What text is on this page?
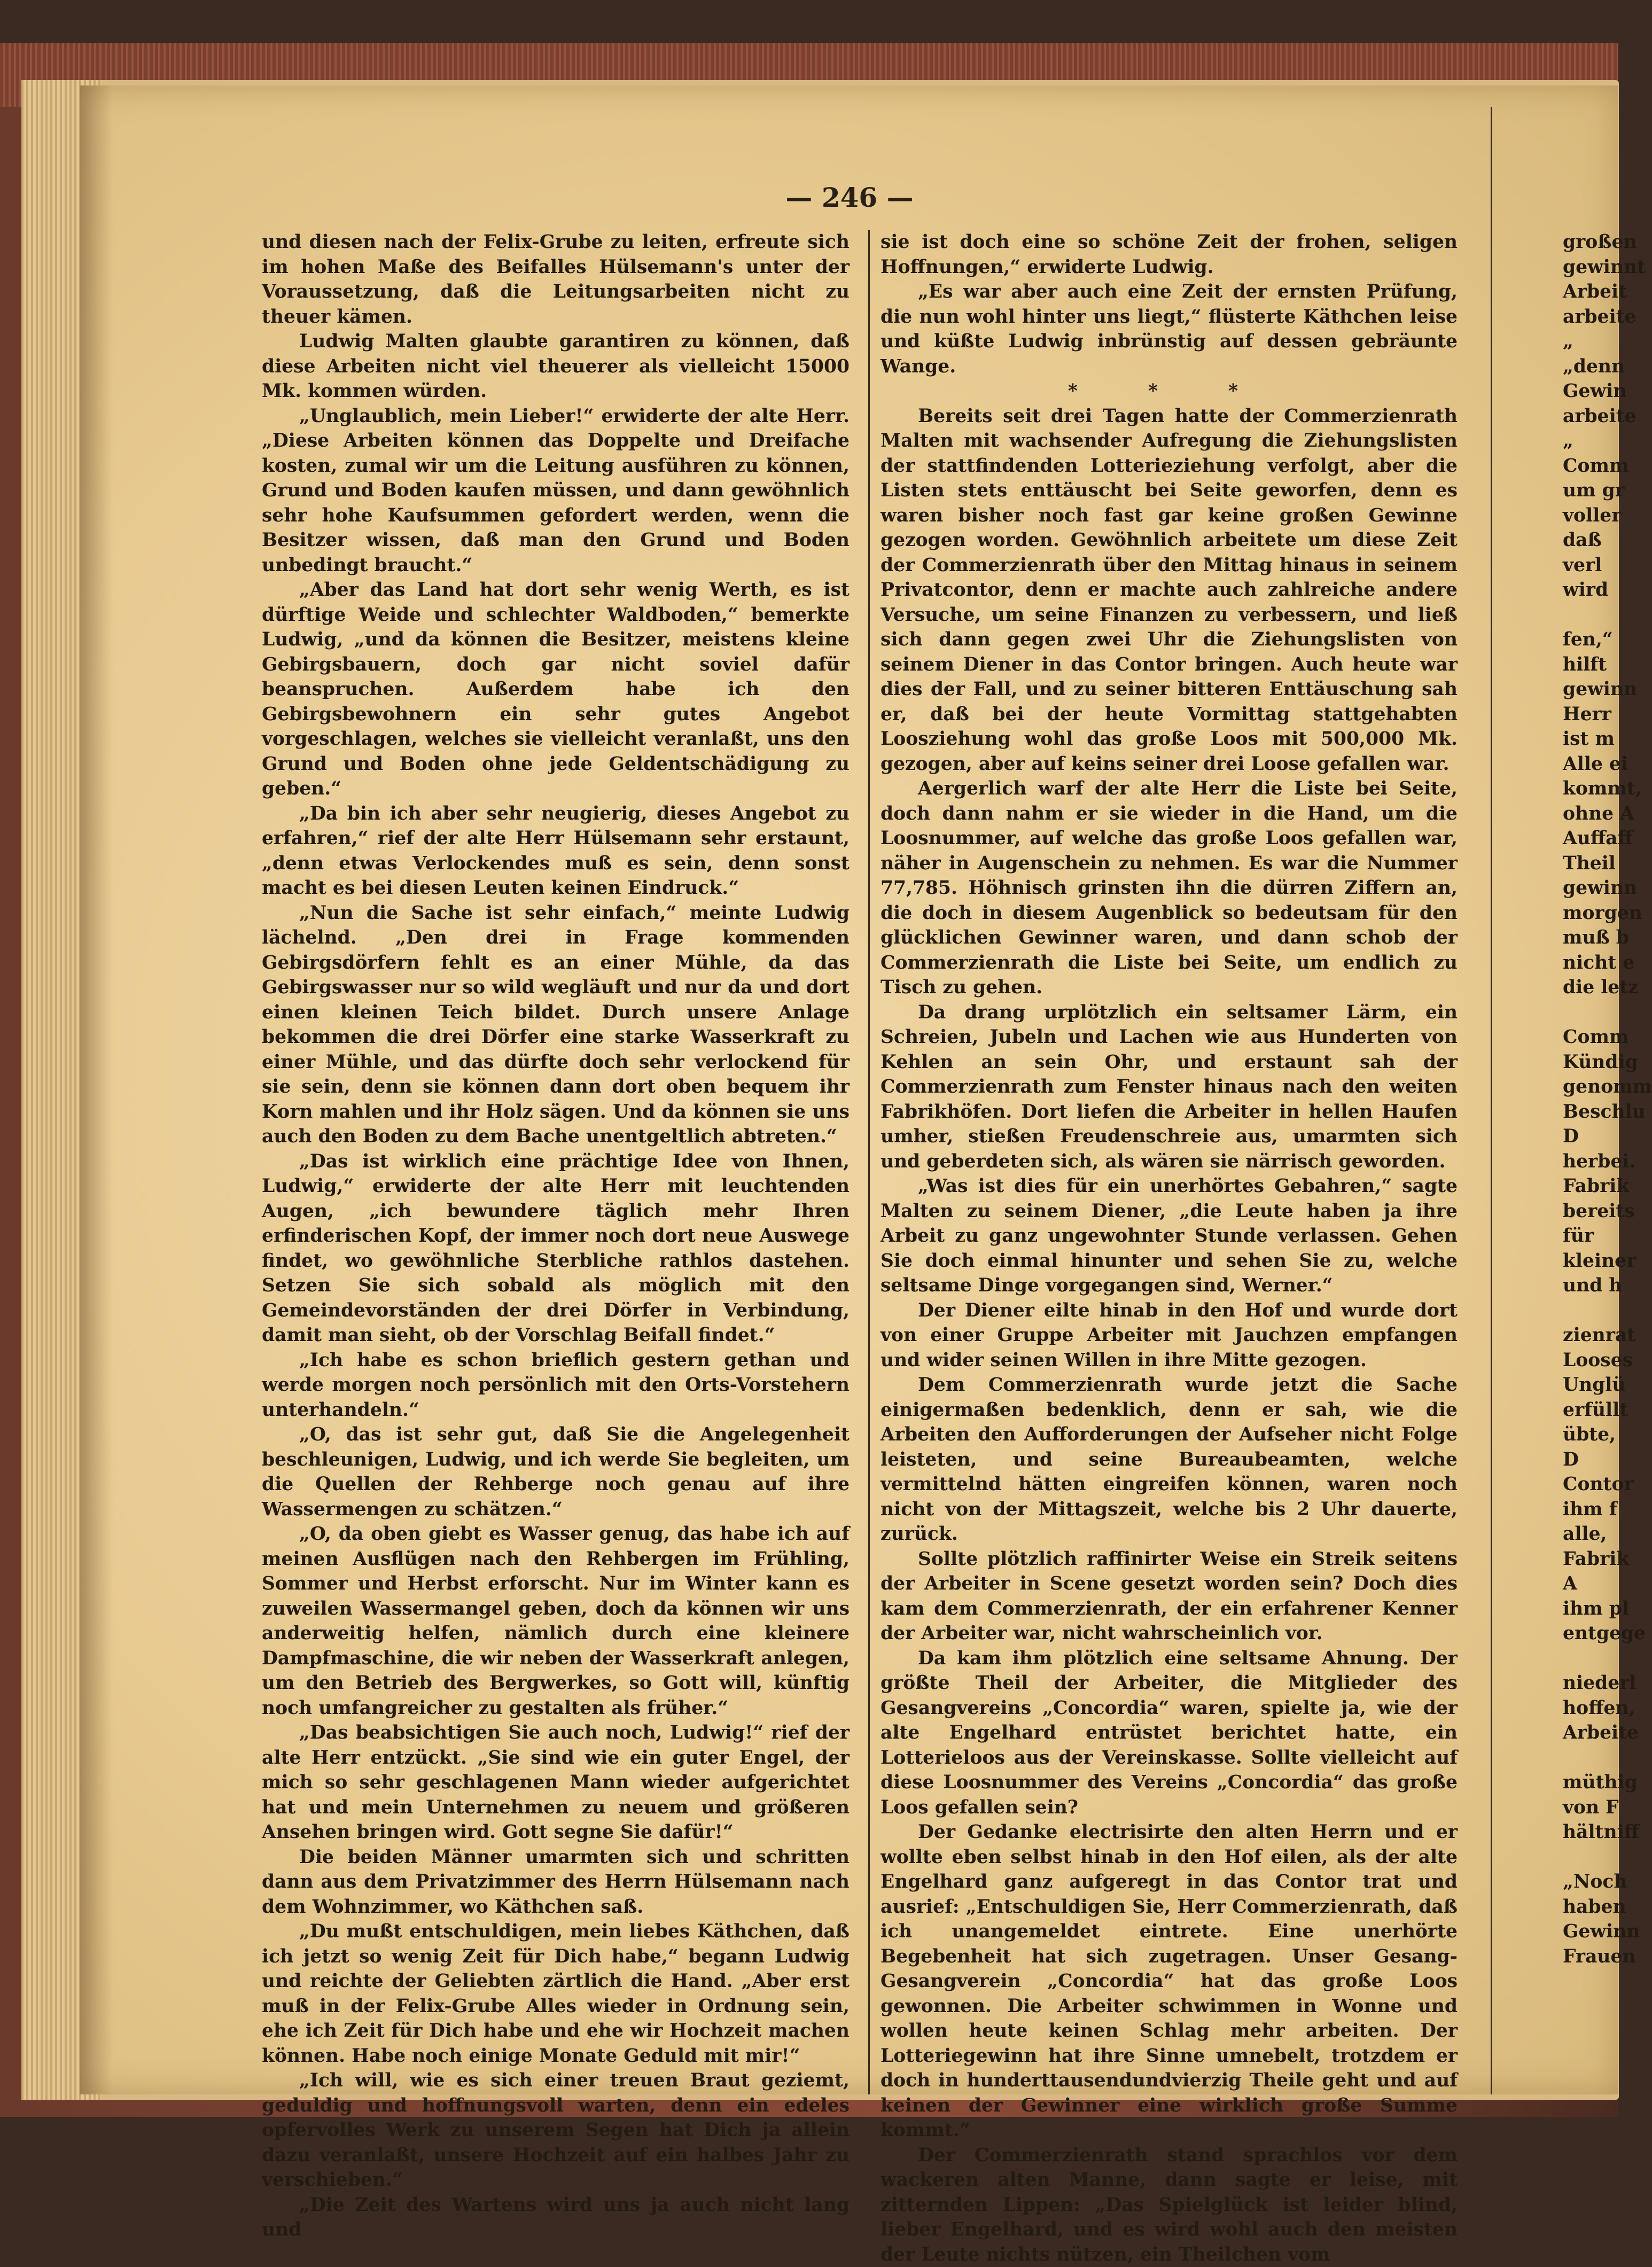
— 246 —

und diesen nach der Felix-Grube zu leiten, erfreute sich im hohen Maße des Beifalles Hülsemann's unter der Voraussetzung, daß die Leitungsarbeiten nicht zu theuer kämen.

Ludwig Malten glaubte garantiren zu können, daß diese Arbeiten nicht viel theuerer als vielleicht 15000 Mk. kommen würden.

„Unglaublich, mein Lieber!“ erwiderte der alte Herr. „Diese Arbeiten können das Doppelte und Dreifache kosten, zumal wir um die Leitung ausführen zu können, Grund und Boden kaufen müssen, und dann gewöhnlich sehr hohe Kaufsummen gefordert werden, wenn die Besitzer wissen, daß man den Grund und Boden unbedingt braucht.“

„Aber das Land hat dort sehr wenig Werth, es ist dürftige Weide und schlechter Waldboden,“ bemerkte Ludwig, „und da können die Besitzer, meistens kleine Gebirgsbauern, doch gar nicht soviel dafür beanspruchen. Außerdem habe ich den Gebirgsbewohnern ein sehr gutes Angebot vorgeschlagen, welches sie vielleicht veranlaßt, uns den Grund und Boden ohne jede Geldentschädigung zu geben.“

„Da bin ich aber sehr neugierig, dieses Angebot zu erfahren,“ rief der alte Herr Hülsemann sehr erstaunt, „denn etwas Verlockendes muß es sein, denn sonst macht es bei diesen Leuten keinen Eindruck.“

„Nun die Sache ist sehr einfach,“ meinte Ludwig lächelnd. „Den drei in Frage kommenden Gebirgsdörfern fehlt es an einer Mühle, da das Gebirgswasser nur so wild wegläuft und nur da und dort einen kleinen Teich bildet. Durch unsere Anlage bekommen die drei Dörfer eine starke Wasserkraft zu einer Mühle, und das dürfte doch sehr verlockend für sie sein, denn sie können dann dort oben bequem ihr Korn mahlen und ihr Holz sägen. Und da können sie uns auch den Boden zu dem Bache unentgeltlich abtreten.“

„Das ist wirklich eine prächtige Idee von Ihnen, Ludwig,“ erwiderte der alte Herr mit leuchtenden Augen, „ich bewundere täglich mehr Ihren erfinderischen Kopf, der immer noch dort neue Auswege findet, wo gewöhnliche Sterbliche rathlos dastehen. Setzen Sie sich sobald als möglich mit den Gemeindevorständen der drei Dörfer in Verbindung, damit man sieht, ob der Vorschlag Beifall findet.“

„Ich habe es schon brieflich gestern gethan und werde morgen noch persönlich mit den Orts-Vorstehern unterhandeln.“

„O, das ist sehr gut, daß Sie die Angelegenheit beschleunigen, Ludwig, und ich werde Sie begleiten, um die Quellen der Rehberge noch genau auf ihre Wassermengen zu schätzen.“

„O, da oben giebt es Wasser genug, das habe ich auf meinen Ausflügen nach den Rehbergen im Frühling, Sommer und Herbst erforscht. Nur im Winter kann es zuweilen Wassermangel geben, doch da können wir uns anderweitig helfen, nämlich durch eine kleinere Dampfmaschine, die wir neben der Wasserkraft anlegen, um den Betrieb des Bergwerkes, so Gott will, künftig noch umfangreicher zu gestalten als früher.“

„Das beabsichtigen Sie auch noch, Ludwig!“ rief der alte Herr entzückt. „Sie sind wie ein guter Engel, der mich so sehr geschlagenen Mann wieder aufgerichtet hat und mein Unternehmen zu neuem und größeren Ansehen bringen wird. Gott segne Sie dafür!“

Die beiden Männer umarmten sich und schritten dann aus dem Privatzimmer des Herrn Hülsemann nach dem Wohnzimmer, wo Käthchen saß.

„Du mußt entschuldigen, mein liebes Käthchen, daß ich jetzt so wenig Zeit für Dich habe,“ begann Ludwig und reichte der Geliebten zärtlich die Hand. „Aber erst muß in der Felix-Grube Alles wieder in Ordnung sein, ehe ich Zeit für Dich habe und ehe wir Hochzeit machen können. Habe noch einige Monate Geduld mit mir!“

„Ich will, wie es sich einer treuen Braut geziemt, geduldig und hoffnungsvoll warten, denn ein edeles opfervolles Werk zu unserem Segen hat Dich ja allein dazu veranlaßt, unsere Hochzeit auf ein halbes Jahr zu verschieben.“

„Die Zeit des Wartens wird uns ja auch nicht lang und

sie ist doch eine so schöne Zeit der frohen, seligen Hoffnungen,“ erwiderte Ludwig.

„Es war aber auch eine Zeit der ernsten Prüfung, die nun wohl hinter uns liegt,“ flüsterte Käthchen leise und küßte Ludwig inbrünstig auf dessen gebräunte Wange.

* * *

Bereits seit drei Tagen hatte der Commerzienrath Malten mit wachsender Aufregung die Ziehungslisten der stattfindenden Lotterieziehung verfolgt, aber die Listen stets enttäuscht bei Seite geworfen, denn es waren bisher noch fast gar keine großen Gewinne gezogen worden. Gewöhnlich arbeitete um diese Zeit der Commerzienrath über den Mittag hinaus in seinem Privatcontor, denn er machte auch zahlreiche andere Versuche, um seine Finanzen zu verbessern, und ließ sich dann gegen zwei Uhr die Ziehungslisten von seinem Diener in das Contor bringen. Auch heute war dies der Fall, und zu seiner bitteren Enttäuschung sah er, daß bei der heute Vormittag stattgehabten Loosziehung wohl das große Loos mit 500,000 Mk. gezogen, aber auf keins seiner drei Loose gefallen war.

Aergerlich warf der alte Herr die Liste bei Seite, doch dann nahm er sie wieder in die Hand, um die Loosnummer, auf welche das große Loos gefallen war, näher in Augenschein zu nehmen. Es war die Nummer 77,785. Höhnisch grinsten ihn die dürren Ziffern an, die doch in diesem Augenblick so bedeutsam für den glücklichen Gewinner waren, und dann schob der Commerzienrath die Liste bei Seite, um endlich zu Tisch zu gehen.

Da drang urplötzlich ein seltsamer Lärm, ein Schreien, Jubeln und Lachen wie aus Hunderten von Kehlen an sein Ohr, und erstaunt sah der Commerzienrath zum Fenster hinaus nach den weiten Fabrikhöfen. Dort liefen die Arbeiter in hellen Haufen umher, stießen Freudenschreie aus, umarmten sich und geberdeten sich, als wären sie närrisch geworden.

„Was ist dies für ein unerhörtes Gebahren,“ sagte Malten zu seinem Diener, „die Leute haben ja ihre Arbeit zu ganz ungewohnter Stunde verlassen. Gehen Sie doch einmal hinunter und sehen Sie zu, welche seltsame Dinge vorgegangen sind, Werner.“

Der Diener eilte hinab in den Hof und wurde dort von einer Gruppe Arbeiter mit Jauchzen empfangen und wider seinen Willen in ihre Mitte gezogen.

Dem Commerzienrath wurde jetzt die Sache einigermaßen bedenklich, denn er sah, wie die Arbeiten den Aufforderungen der Aufseher nicht Folge leisteten, und seine Bureaubeamten, welche vermittelnd hätten eingreifen können, waren noch nicht von der Mittagszeit, welche bis 2 Uhr dauerte, zurück.

Sollte plötzlich raffinirter Weise ein Streik seitens der Arbeiter in Scene gesetzt worden sein? Doch dies kam dem Commerzienrath, der ein erfahrener Kenner der Arbeiter war, nicht wahrscheinlich vor.

Da kam ihm plötzlich eine seltsame Ahnung. Der größte Theil der Arbeiter, die Mitglieder des Gesangvereins „Concordia“ waren, spielte ja, wie der alte Engelhard entrüstet berichtet hatte, ein Lotterieloos aus der Vereinskasse. Sollte vielleicht auf diese Loosnummer des Vereins „Concordia“ das große Loos gefallen sein?

Der Gedanke electrisirte den alten Herrn und er wollte eben selbst hinab in den Hof eilen, als der alte Engelhard ganz aufgeregt in das Contor trat und ausrief: „Entschuldigen Sie, Herr Commerzienrath, daß ich unangemeldet eintrete. Eine unerhörte Begebenheit hat sich zugetragen. Unser Gesang- Gesangverein „Concordia“ hat das große Loos gewonnen. Die Arbeiter schwimmen in Wonne und wollen heute keinen Schlag mehr arbeiten. Der Lotteriegewinn hat ihre Sinne umnebelt, trotzdem er doch in hunderttausendundvierzig Theile geht und auf keinen der Gewinner eine wirklich große Summe kommt.“

Der Commerzienrath stand sprachlos vor dem wackeren alten Manne, dann sagte er leise, mit zitternden Lippen: „Das Spielglück ist leider blind, lieber Engelhard, und es wird wohl auch den meisten der Leute nichts nützen, ein Theilchen vom

großen
gewinnt
Arbeit
arbeite
„
„denn
Gewin
arbeite
„
Comm
um gr
voller
daß
verl
wird
fen,“
hilft
gewinn
Herr
ist m
Alle ei
kommt,
ohne A
Auffaff
Theil
gewinn
morgen
muß b
nicht e
die letz
Comm
Kündig
genomm
Beschlu
D
herbei.
Fabrik
bereits
für
kleiner
und h
zienrat
Looses
Unglü
erfüllt
übte,
D
Contor
ihm f
alle,
Fabrik
A
ihm pl
entgege
niederl
hoffen,
Arbeite
müthig
von F
hältniff
„Noch
haben
Gewinn
Frauen
